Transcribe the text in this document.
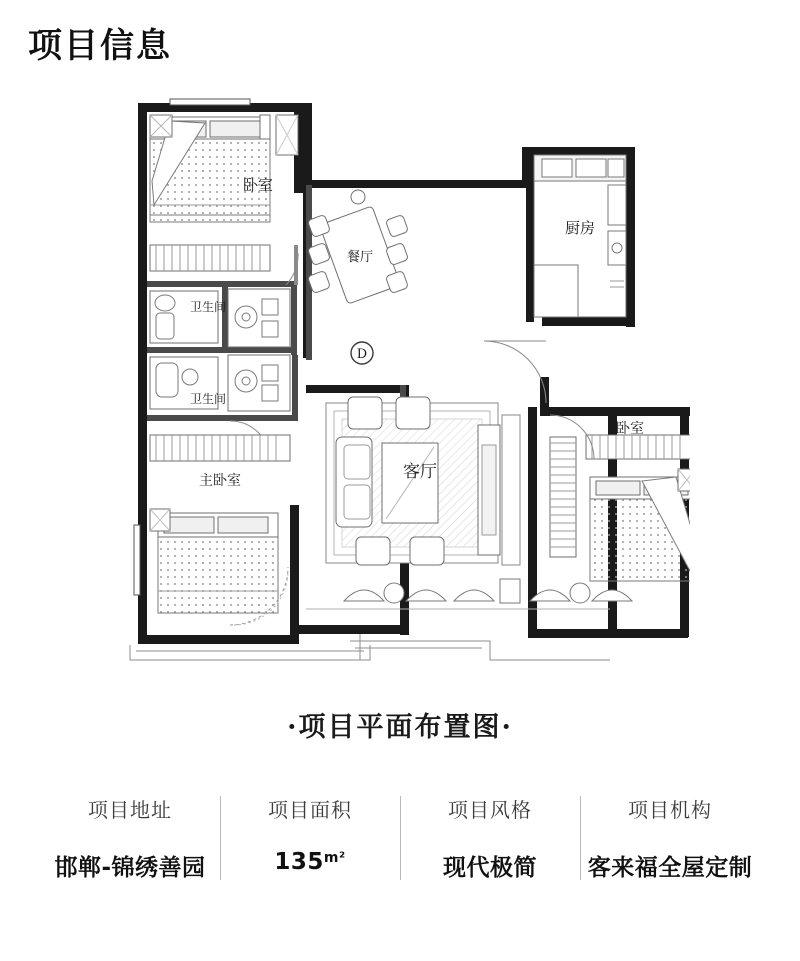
项目信息
D
卧室
厨房
餐厅
卫生间
卫生间
主卧室	客厅
卧室
·项目平面布置图·
项目地址
邯郸-锦绣善园
项目面积
$135^{m^2}$
项目风格
现代极简
项目机构
客来福全屋定制
